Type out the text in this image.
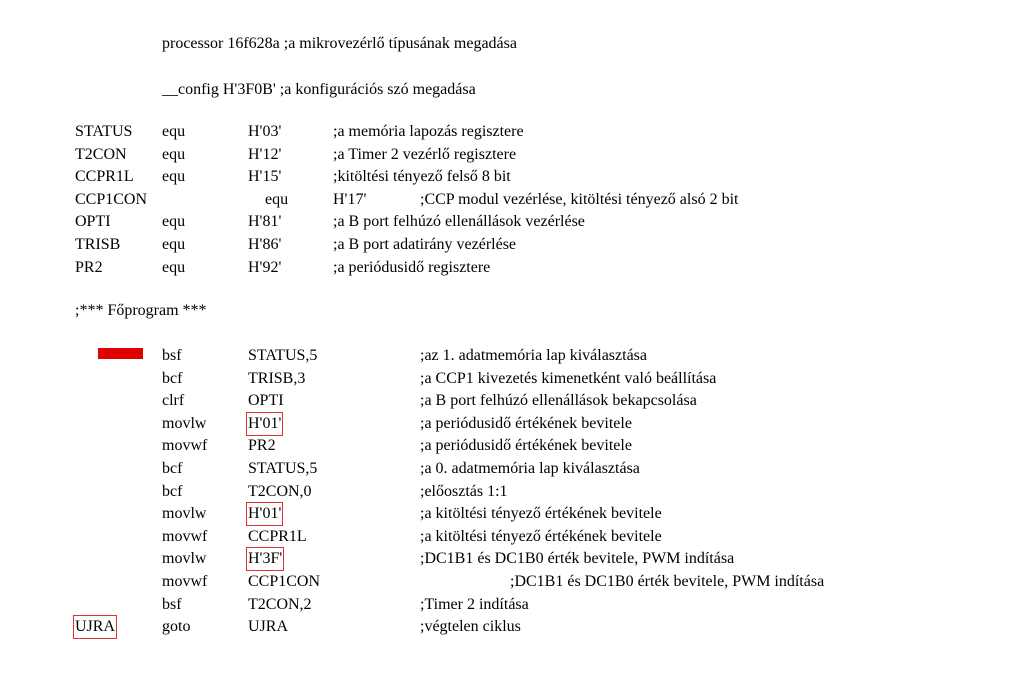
processor 16f628a ;a mikrovezérlő típusának megadása
__config H'3F0B' ;a konfigurációs szó megadása
STATUS equ	H'03'	;a memória lapozás regisztere
T2CON equ	H'12'	;a Timer 2 vezérlő regisztere
CCPR1L equ	H'15'	;kitöltési tényező felső 8 bit
CCP1CON	equ	H'17'	;CCP modul vezérlése, kitöltési tényező alsó 2 bit
OPTI	equ	H'81'	;a B port felhúzó ellenállások vezérlése
TRISB	equ	H'86'	;a B port adatirány vezérlése
PR2	equ	H'92'	;a periódusidő regisztere
;*** Főprogram ***
bsf	STATUS,5	;az 1. adatmemória lap kiválasztása
bcf	TRISB,3	;a CCP1 kivezetés kimenetként való beállítása
clrf	OPTI	;a B port felhúzó ellenállások bekapcsolása
movlw	H'01'	;a periódusidő értékének bevitele
movwf	PR2	;a periódusidő értékének bevitele
bcf	STATUS,5	;a 0. adatmemória lap kiválasztása
bcf	T2CON,0	;előosztás 1:1
movlw	H'01'	;a kitöltési tényező értékének bevitele
movwf	CCPR1L	;a kitöltési tényező értékének bevitele
movlw	H'3F'	;DC1B1 és DC1B0 érték bevitele, PWM indítása
movwf	CCP1CON	;DC1B1 és DC1B0 érték bevitele, PWM indítása
bsf	T2CON,2	;Timer 2 indítása
UJRA	goto	UJRA	;végtelen ciklus
